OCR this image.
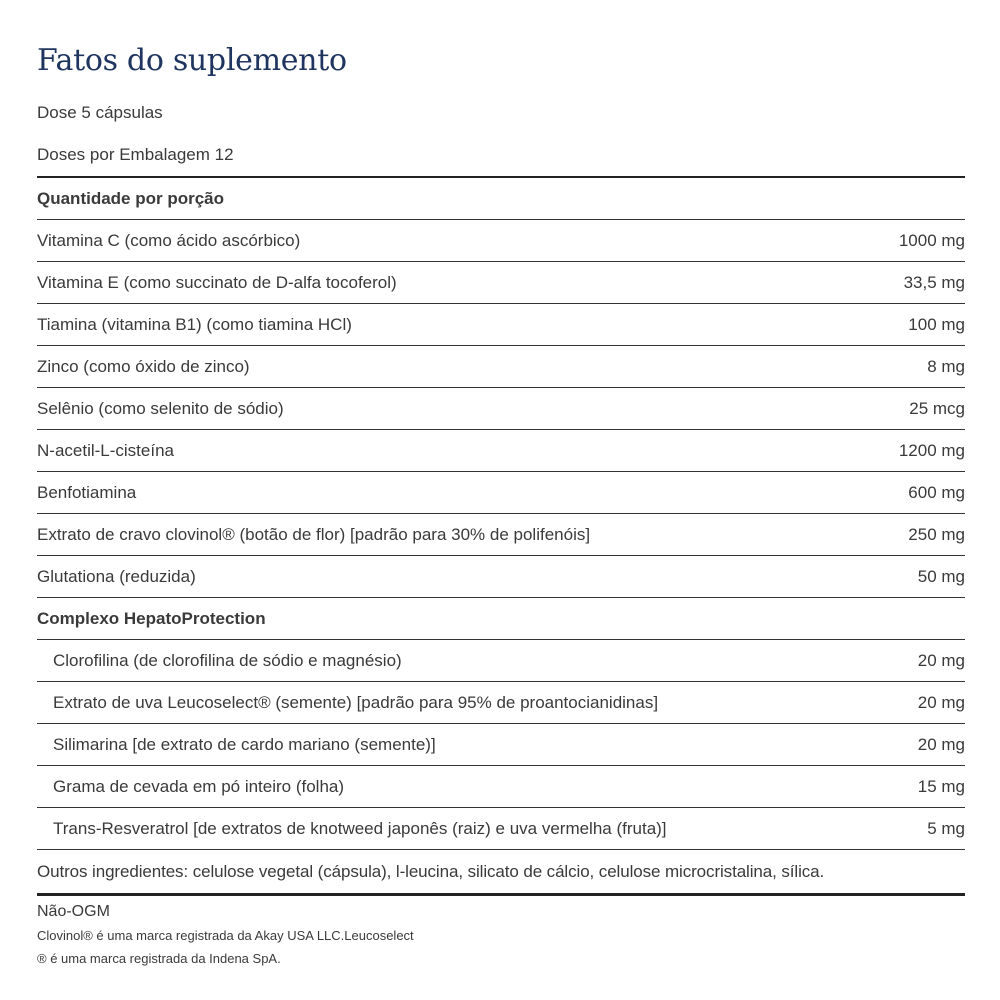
Fatos do suplemento
Dose 5 cápsulas
Doses por Embalagem 12
Quantidade por porção
Vitamina C (como ácido ascórbico)	1000 mg
Vitamina E (como succinato de D-alfa tocoferol)	33,5 mg
Tiamina (vitamina B1) (como tiamina HCl)	100 mg
Zinco (como óxido de zinco)	8 mg
Selênio (como selenito de sódio)	25 mcg
N-acetil-L-cisteína	1200 mg
Benfotiamina	600 mg
Extrato de cravo clovinol® (botão de flor) [padrão para 30% de polifenóis]	250 mg
Glutationa (reduzida)	50 mg
Complexo HepatoProtection
Clorofilina (de clorofilina de sódio e magnésio)	20 mg
Extrato de uva Leucoselect® (semente) [padrão para 95% de proantocianidinas]	20 mg
Silimarina [de extrato de cardo mariano (semente)]	20 mg
Grama de cevada em pó inteiro (folha)	15 mg
Trans-Resveratrol [de extratos de knotweed japonês (raiz) e uva vermelha (fruta)]	5 mg
Outros ingredientes: celulose vegetal (cápsula), l-leucina, silicato de cálcio, celulose microcristalina, sílica.
Não-OGM
Clovinol® é uma marca registrada da Akay USA LLC.Leucoselect
® é uma marca registrada da Indena SpA.
